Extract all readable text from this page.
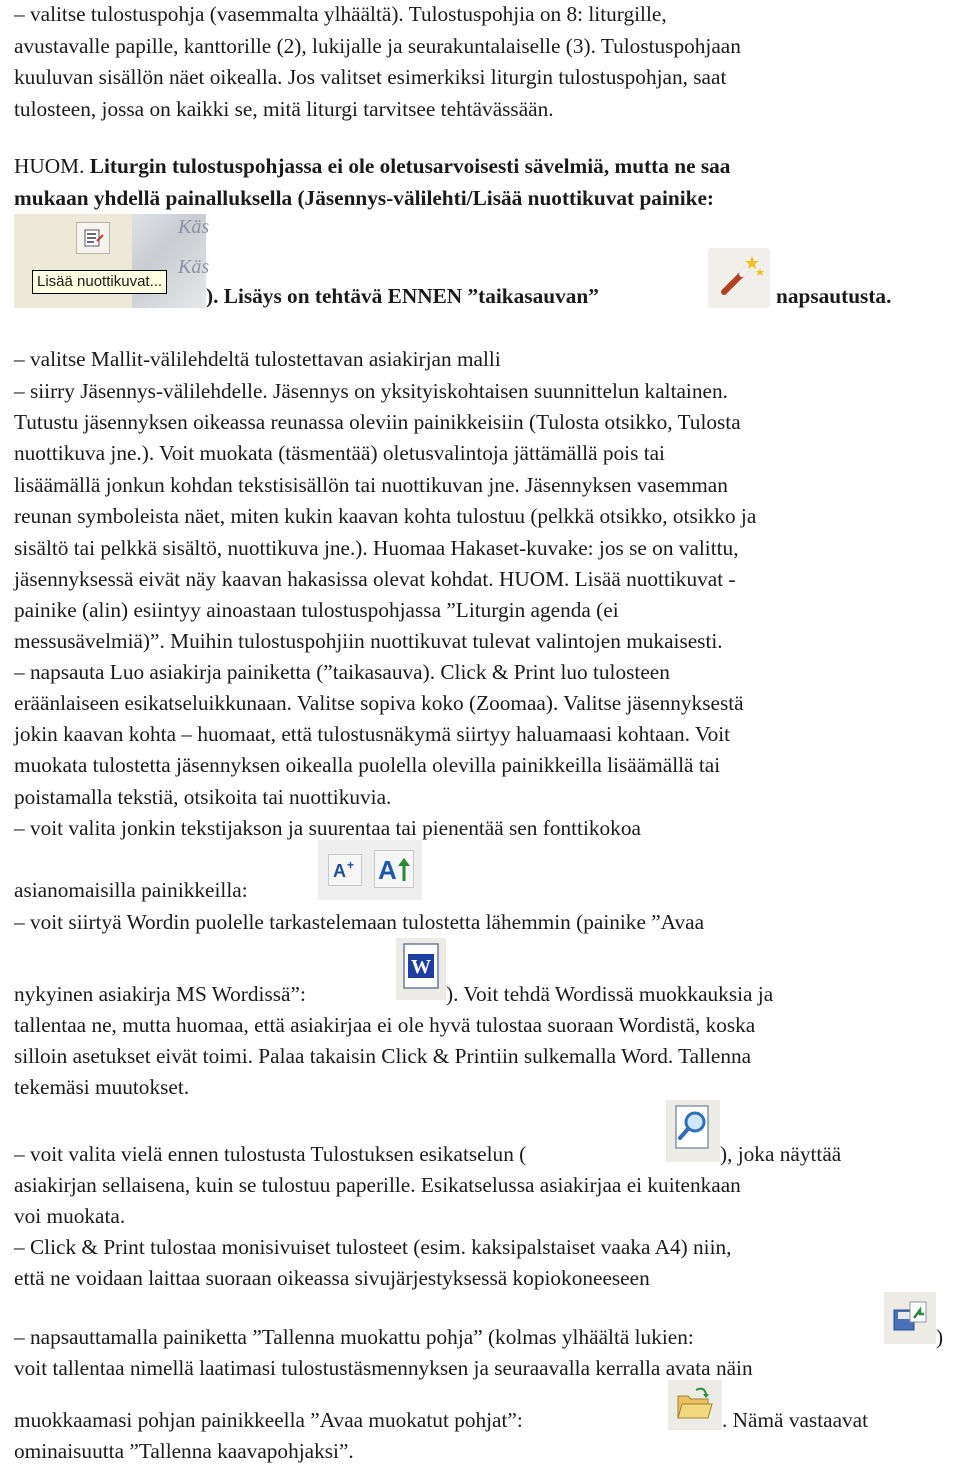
– valitse tulostuspohja (vasemmalta ylhäältä). Tulostuspohjia on 8: liturgille,
avustavalle papille, kanttorille (2), lukijalle ja seurakuntalaiselle (3). Tulostuspohjaan
kuuluvan sisällön näet oikealla. Jos valitset esimerkiksi liturgin tulostuspohjan, saat
tulosteen, jossa on kaikki se, mitä liturgi tarvitsee tehtävässään.
HUOM. Liturgin tulostuspohjassa ei ole oletusarvoisesti sävelmiä, mutta ne saa
mukaan yhdellä painalluksella (Jäsennys-välilehti/Lisää nuottikuvat painike:
Käs
Käs
Lisää nuottikuvat...
). Lisäys on tehtävä ENNEN ”taikasauvan”	napsautusta.
– valitse Mallit-välilehdeltä tulostettavan asiakirjan malli
– siirry Jäsennys-välilehdelle. Jäsennys on yksityiskohtaisen suunnittelun kaltainen.
Tutustu jäsennyksen oikeassa reunassa oleviin painikkeisiin (Tulosta otsikko, Tulosta
nuottikuva jne.). Voit muokata (täsmentää) oletusvalintoja jättämällä pois tai
lisäämällä jonkun kohdan tekstisisällön tai nuottikuvan jne. Jäsennyksen vasemman
reunan symboleista näet, miten kukin kaavan kohta tulostuu (pelkkä otsikko, otsikko ja
sisältö tai pelkkä sisältö, nuottikuva jne.). Huomaa Hakaset-kuvake: jos se on valittu,
jäsennyksessä eivät näy kaavan hakasissa olevat kohdat. HUOM. Lisää nuottikuvat -
painike (alin) esiintyy ainoastaan tulostuspohjassa ”Liturgin agenda (ei
messusävelmiä)”. Muihin tulostuspohjiin nuottikuvat tulevat valintojen mukaisesti.
– napsauta Luo asiakirja painiketta (”taikasauva). Click & Print luo tulosteen
eräänlaiseen esikatseluikkunaan. Valitse sopiva koko (Zoomaa). Valitse jäsennyksestä
jokin kaavan kohta – huomaat, että tulostusnäkymä siirtyy haluamaasi kohtaan. Voit
muokata tulostetta jäsennyksen oikealla puolella olevilla painikkeilla lisäämällä tai
poistamalla tekstiä, otsikoita tai nuottikuvia.
– voit valita jonkin tekstijakson ja suurentaa tai pienentää sen fonttikokoa
A + A
asianomaisilla painikkeilla:
– voit siirtyä Wordin puolelle tarkastelemaan tulostetta lähemmin (painike ”Avaa
nykyinen asiakirja MS Wordissä”:
W
). Voit tehdä Wordissä muokkauksia ja
tallentaa ne, mutta huomaa, että asiakirjaa ei ole hyvä tulostaa suoraan Wordistä, koska
silloin asetukset eivät toimi. Palaa takaisin Click & Printiin sulkemalla Word. Tallenna
tekemäsi muutokset.
– voit valita vielä ennen tulostusta Tulostuksen esikatselun (	), joka näyttää
asiakirjan sellaisena, kuin se tulostuu paperille. Esikatselussa asiakirjaa ei kuitenkaan
voi muokata.
– Click & Print tulostaa monisivuiset tulosteet (esim. kaksipalstaiset vaaka A4) niin,
että ne voidaan laittaa suoraan oikeassa sivujärjestyksessä kopiokoneeseen
– napsauttamalla painiketta ”Tallenna muokattu pohja” (kolmas ylhäältä lukien:	)
voit tallentaa nimellä laatimasi tulostustäsmennyksen ja seuraavalla kerralla avata näin
muokkaamasi pohjan painikkeella ”Avaa muokatut pohjat”:	. Nämä vastaavat
ominaisuutta ”Tallenna kaavapohjaksi”.
